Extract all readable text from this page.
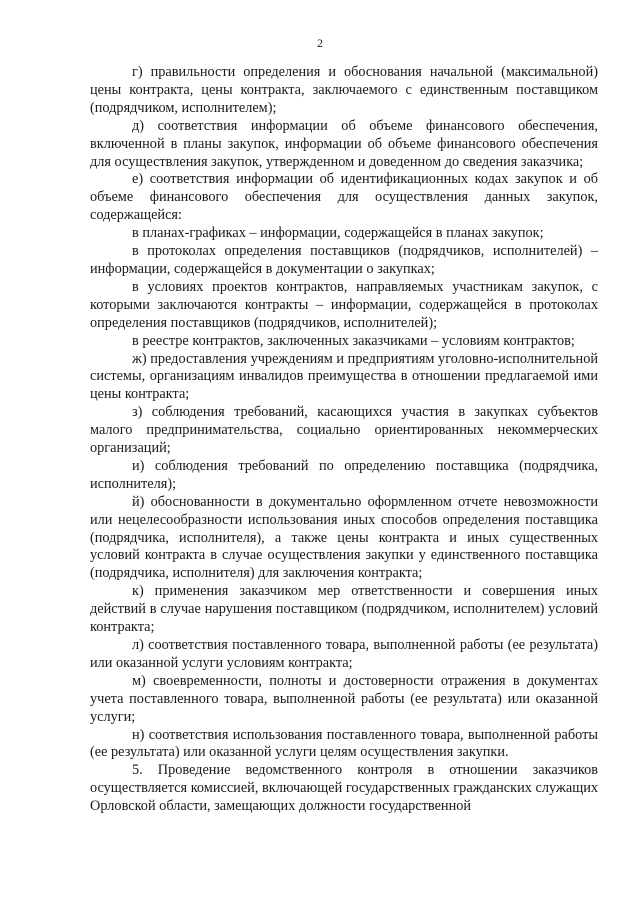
2

г) правильности определения и обоснования начальной (максимальной) цены контракта, цены контракта, заключаемого с единственным поставщиком (подрядчиком, исполнителем);

д) соответствия информации об объеме финансового обеспечения, включенной в планы закупок, информации об объеме финансового обеспечения для осуществления закупок, утвержденном и доведенном до сведения заказчика;

е) соответствия информации об идентификационных кодах закупок и об объеме финансового обеспечения для осуществления данных закупок, содержащейся:

в планах-графиках – информации, содержащейся в планах закупок;

в протоколах определения поставщиков (подрядчиков, исполнителей) – информации, содержащейся в документации о закупках;

в условиях проектов контрактов, направляемых участникам закупок, с которыми заключаются контракты – информации, содержащейся в протоколах определения поставщиков (подрядчиков, исполнителей);

в реестре контрактов, заключенных заказчиками – условиям контрактов;

ж) предоставления учреждениям и предприятиям уголовно-исполнительной системы, организациям инвалидов преимущества в отношении предлагаемой ими цены контракта;

з) соблюдения требований, касающихся участия в закупках субъектов малого предпринимательства, социально ориентированных некоммерческих организаций;

и) соблюдения требований по определению поставщика (подрядчика, исполнителя);

й) обоснованности в документально оформленном отчете невозможности или нецелесообразности использования иных способов определения поставщика (подрядчика, исполнителя), а также цены контракта и иных существенных условий контракта в случае осуществления закупки у единственного поставщика (подрядчика, исполнителя) для заключения контракта;

к) применения заказчиком мер ответственности и совершения иных действий в случае нарушения поставщиком (подрядчиком, исполнителем) условий контракта;

л) соответствия поставленного товара, выполненной работы (ее результата) или оказанной услуги условиям контракта;

м) своевременности, полноты и достоверности отражения в документах учета поставленного товара, выполненной работы (ее результата) или оказанной услуги;

н) соответствия использования поставленного товара, выполненной работы (ее результата) или оказанной услуги целям осуществления закупки.

5. Проведение ведомственного контроля в отношении заказчиков осуществляется комиссией, включающей государственных гражданских служащих Орловской области, замещающих должности государственной
